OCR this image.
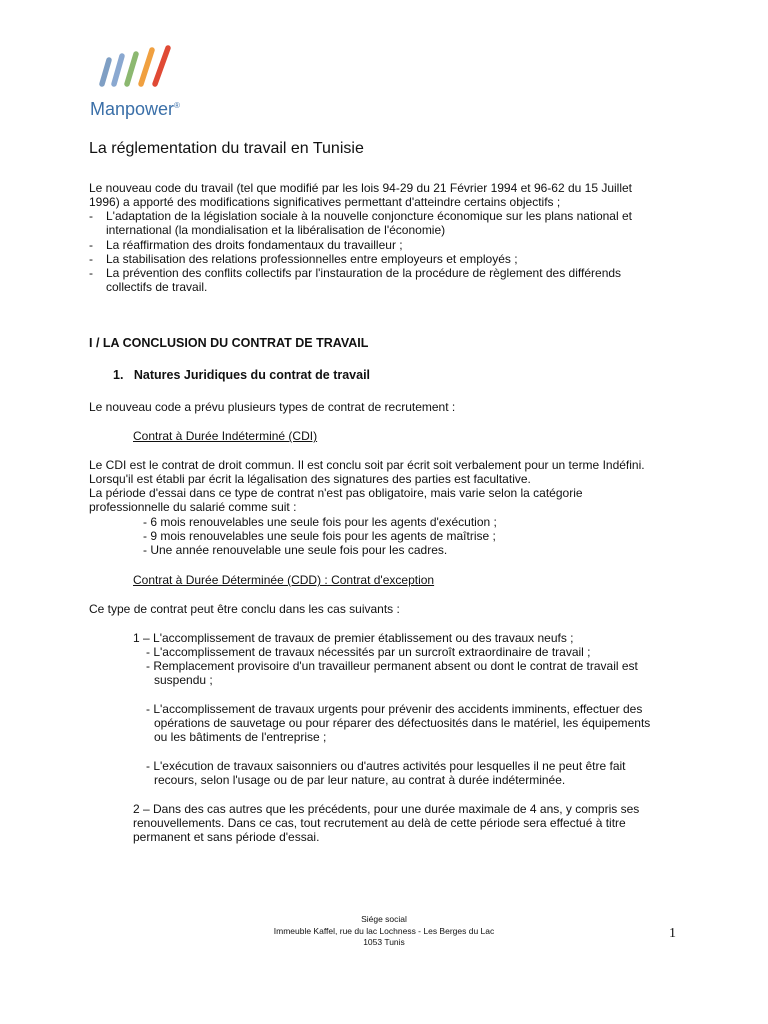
Manpower®
La réglementation du travail en Tunisie
Le nouveau code du travail (tel que modifié par les lois 94-29 du 21 Février 1994 et 96-62 du 15 Juillet
1996) a apporté des modifications significatives permettant d'atteindre certains objectifs ;
- L'adaptation de la législation sociale à la nouvelle conjoncture économique sur les plans national et
international (la mondialisation et la libéralisation de l'économie)
- La réaffirmation des droits fondamentaux du travailleur ;
- La stabilisation des relations professionnelles entre employeurs et employés ;
- La prévention des conflits collectifs par l'instauration de la procédure de règlement des différends
collectifs de travail.
I / LA CONCLUSION DU CONTRAT DE TRAVAIL
1. Natures Juridiques du contrat de travail
Le nouveau code a prévu plusieurs types de contrat de recrutement :
Contrat à Durée Indéterminé (CDI)
Le CDI est le contrat de droit commun. Il est conclu soit par écrit soit verbalement pour un terme Indéfini.
Lorsqu'il est établi par écrit la légalisation des signatures des parties est facultative.
La période d'essai dans ce type de contrat n'est pas obligatoire, mais varie selon la catégorie
professionnelle du salarié comme suit :
- 6 mois renouvelables une seule fois pour les agents d'exécution ;
- 9 mois renouvelables une seule fois pour les agents de maîtrise ;
- Une année renouvelable une seule fois pour les cadres.
Contrat à Durée Déterminée (CDD) : Contrat d'exception
Ce type de contrat peut être conclu dans les cas suivants :
1 – L'accomplissement de travaux de premier établissement ou des travaux neufs ;
- L'accomplissement de travaux nécessités par un surcroît extraordinaire de travail ;
- Remplacement provisoire d'un travailleur permanent absent ou dont le contrat de travail est
suspendu ;
- L'accomplissement de travaux urgents pour prévenir des accidents imminents, effectuer des
opérations de sauvetage ou pour réparer des défectuosités dans le matériel, les équipements
ou les bâtiments de l'entreprise ;
- L'exécution de travaux saisonniers ou d'autres activités pour lesquelles il ne peut être fait
recours, selon l'usage ou de par leur nature, au contrat à durée indéterminée.
2 – Dans des cas autres que les précédents, pour une durée maximale de 4 ans, y compris ses
renouvellements. Dans ce cas, tout recrutement au delà de cette période sera effectué à titre
permanent et sans période d'essai.
Siége social
Immeuble Kaffel, rue du lac Lochness - Les Berges du Lac
1053 Tunis
1
